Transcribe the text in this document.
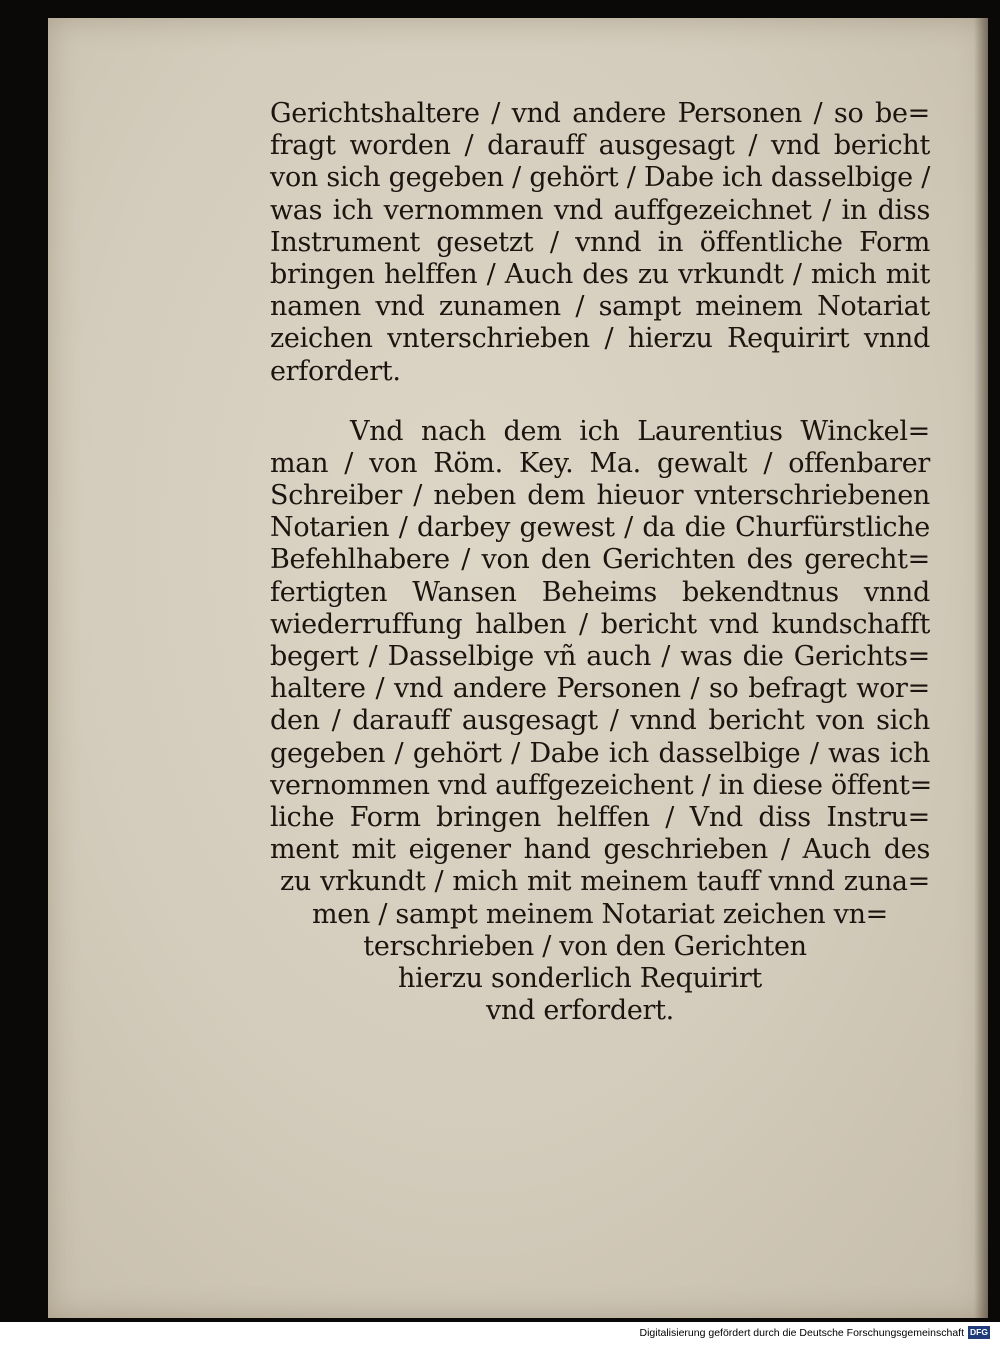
Gerichtshaltere / vnd andere Personen / so be=
fragt worden / darauff ausgesagt / vnd bericht
von sich gegeben / gehört / Dabe ich dasselbige /
was ich vernommen vnd auffgezeichnet / in diss
Instrument gesetzt / vnnd in öffentliche Form
bringen helffen / Auch des zu vrkundt / mich mit
namen vnd zunamen / sampt meinem Notariat
zeichen vnterschrieben / hierzu Requirirt vnnd
erfordert.
Vnd nach dem ich Laurentius Winckel=
man / von Röm. Key. Ma. gewalt / offenbarer
Schreiber / neben dem hieuor vnterschriebenen
Notarien / darbey gewest / da die Churfürstliche
Befehlhabere / von den Gerichten des gerecht=
fertigten Wansen Beheims bekendtnus vnnd
wiederruffung halben / bericht vnd kundschafft
begert / Dasselbige vñ auch / was die Gerichts=
haltere / vnd andere Personen / so befragt wor=
den / darauff ausgesagt / vnnd bericht von sich
gegeben / gehört / Dabe ich dasselbige / was ich
vernommen vnd auffgezeichent / in diese öffent=
liche Form bringen helffen / Vnd diss Instru=
ment mit eigener hand geschrieben / Auch des
zu vrkundt / mich mit meinem tauff vnnd zuna=
men / sampt meinem Notariat zeichen vn=
terschrieben / von den Gerichten
hierzu sonderlich Requirirt
vnd erfordert.
Digitalisierung gefördert durch die Deutsche Forschungsgemeinschaft DFG
